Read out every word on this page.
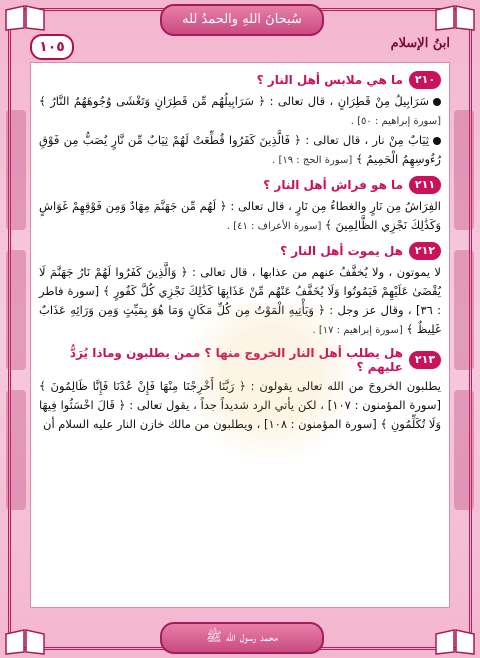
سُبحانَ اللهِ والحمدُ لله
١٠٥	ابنُ الإسلام
٢١٠
ما هي ملابس أهل النار ؟
سَرَابِيلُ مِنْ قَطِرَانٍ ، قال تعالى : ﴿ سَرَابِيلُهُم مِّن قَطِرَانٍ وَتَغْشَى وُجُوهَهُمُ النَّارُ ﴾ [سورة إبراهيم : ٥٠] .
ثِيَابٌ مِنْ نار ، قال تعالى : ﴿ فَالَّذِينَ كَفَرُوا قُطِّعَتْ لَهُمْ ثِيَابٌ مِّن نَّارٍ يُصَبُّ مِن فَوْقِ رُءُوسِهِمُ الْحَمِيمُ ﴾ [سورة الحج : ١٩] .
٢١١
ما هو فراش أهل النار ؟
الفِرَاشُ مِن نَارٍ والغطاءُ مِن نَارٍ ، قال تعالى : ﴿ لَهُم مِّن جَهَنَّمَ مِهَادٌ وَمِن فَوْقِهِمْ غَوَاشٍ وَكَذَٰلِكَ نَجْزِي الظَّالِمِينَ ﴾ [سورة الأعراف : ٤١] .
٢١٢
هل يموت أهل النار ؟
لا يموتون ، ولا يُخفَّفُ عنهم من عذابها ، قال تعالى : ﴿ وَالَّذِينَ كَفَرُوا لَهُمْ نَارُ جَهَنَّمَ لَا يُقْضَىٰ عَلَيْهِمْ فَيَمُوتُوا وَلَا يُخَفَّفُ عَنْهُم مِّنْ عَذَابِهَا كَذَٰلِكَ نَجْزِي كُلَّ كَفُورٍ ﴾ [سورة فاطر : ٣٦] ، وقال عز وجل : ﴿ وَيَأْتِيهِ الْمَوْتُ مِن كُلِّ مَكَانٍ وَمَا هُوَ بِمَيِّتٍ وَمِن وَرَائِهِ عَذَابٌ غَلِيظٌ ﴾ [سورة إبراهيم : ١٧] .
٢١٣
هل يطلب أهل النار الخروج منها ؟ ممن يطلبون وماذا يُرَدُّ عليهم ؟
يطلبون الخروجَ من الله تعالى يقولون : ﴿ رَبَّنَا أَخْرِجْنَا مِنْهَا فَإِنْ عُدْنَا فَإِنَّا ظَالِمُونَ ﴾ [سورة المؤمنون : ١٠٧] ، لكن يأتي الرد شديداً جداً ، يقول تعالى : ﴿ قَالَ اخْسَئُوا فِيهَا وَلَا تُكَلِّمُونِ ﴾ [سورة المؤمنون : ١٠٨] ، ويطلبون من مالك خازن النار عليه السلام أن
محمد رسول الله ﷺ
